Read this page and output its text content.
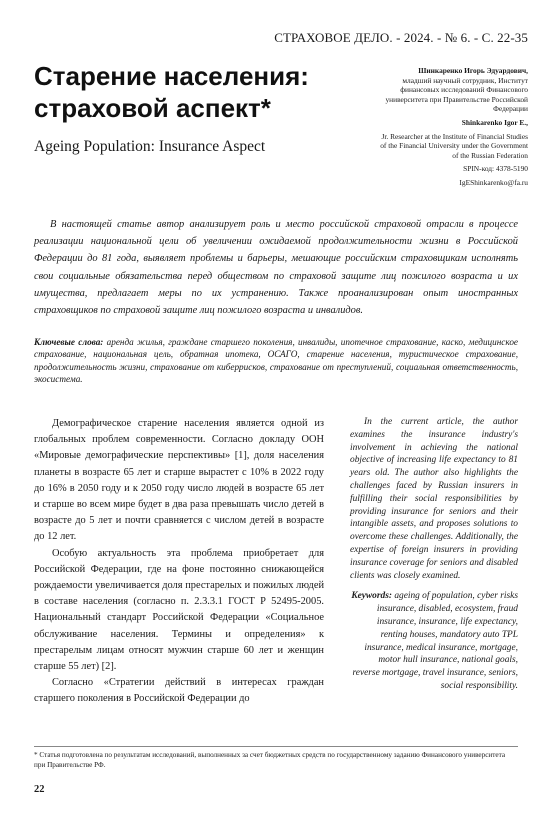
СТРАХОВОЕ ДЕЛО. - 2024. - № 6. - С. 22-35
Старение населения: страховой аспект*
Ageing Population: Insurance Aspect
Шинкаренко Игорь Эдуардович,
младший научный сотрудник, Институт финансовых исследований Финансового университета при Правительстве Российской Федерации
Shinkarenko Igor E.,
Jr. Researcher at the Institute of Financial Studies of the Financial University under the Government of the Russian Federation
SPIN-код: 4378-5190
IgEShinkarenko@fa.ru

В настоящей статье автор анализирует роль и место российской страховой отрасли в процессе реализации национальной цели об увеличении ожидаемой продолжительности жизни в Российской Федерации до 81 года, выявляет проблемы и барьеры, мешающие российским страховщикам исполнять свои социальные обязательства перед обществом по страховой защите лиц пожилого возраста и их имущества, предлагает меры по их устранению. Также проанализирован опыт иностранных страховщиков по страховой защите лиц пожилого возраста и инвалидов.

Ключевые слова: аренда жилья, граждане старшего поколения, инвалиды, ипотечное страхование, каско, медицинское страхование, национальная цель, обратная ипотека, ОСАГО, старение населения, туристическое страхование, продолжительность жизни, страхование от киберрисков, страхование от преступлений, социальная ответственность, экосистема.

Демографическое старение населения является одной из глобальных проблем современности. Согласно докладу ООН «Мировые демографические перспективы» [1], доля населения планеты в возрасте 65 лет и старше вырастет с 10% в 2022 году до 16% в 2050 году и к 2050 году число людей в возрасте 65 лет и старше во всем мире будет в два раза превышать число детей в возрасте до 5 лет и почти сравняется с числом детей в возрасте до 12 лет.

Особую актуальность эта проблема приобретает для Российской Федерации, где на фоне постоянно снижающейся рождаемости увеличивается доля престарелых и пожилых людей в составе населения (согласно п. 2.3.3.1 ГОСТ Р 52495-2005. Национальный стандарт Российской Федерации «Социальное обслуживание населения. Термины и определения» к престарелым лицам относят мужчин старше 60 лет и женщин старше 55 лет) [2].

Согласно «Стратегии действий в интересах граждан старшего поколения в Российской Федерации до

In the current article, the author examines the insurance industry's involvement in achieving the national objective of increasing life expectancy to 81 years old. The author also highlights the challenges faced by Russian insurers in fulfilling their social responsibilities by providing insurance for seniors and their intangible assets, and proposes solutions to overcome these challenges. Additionally, the expertise of foreign insurers in providing insurance coverage for seniors and disabled clients was closely examined.

Keywords: ageing of population, cyber risks insurance, disabled, ecosystem, fraud insurance, insurance, life expectancy, renting houses, mandatory auto TPL insurance, medical insurance, mortgage, motor hull insurance, national goals, reverse mortgage, travel insurance, seniors, social responsibility.

* Статья подготовлена по результатам исследований, выполненных за счет бюджетных средств по государственному заданию Финансового университета при Правительстве РФ.
22
